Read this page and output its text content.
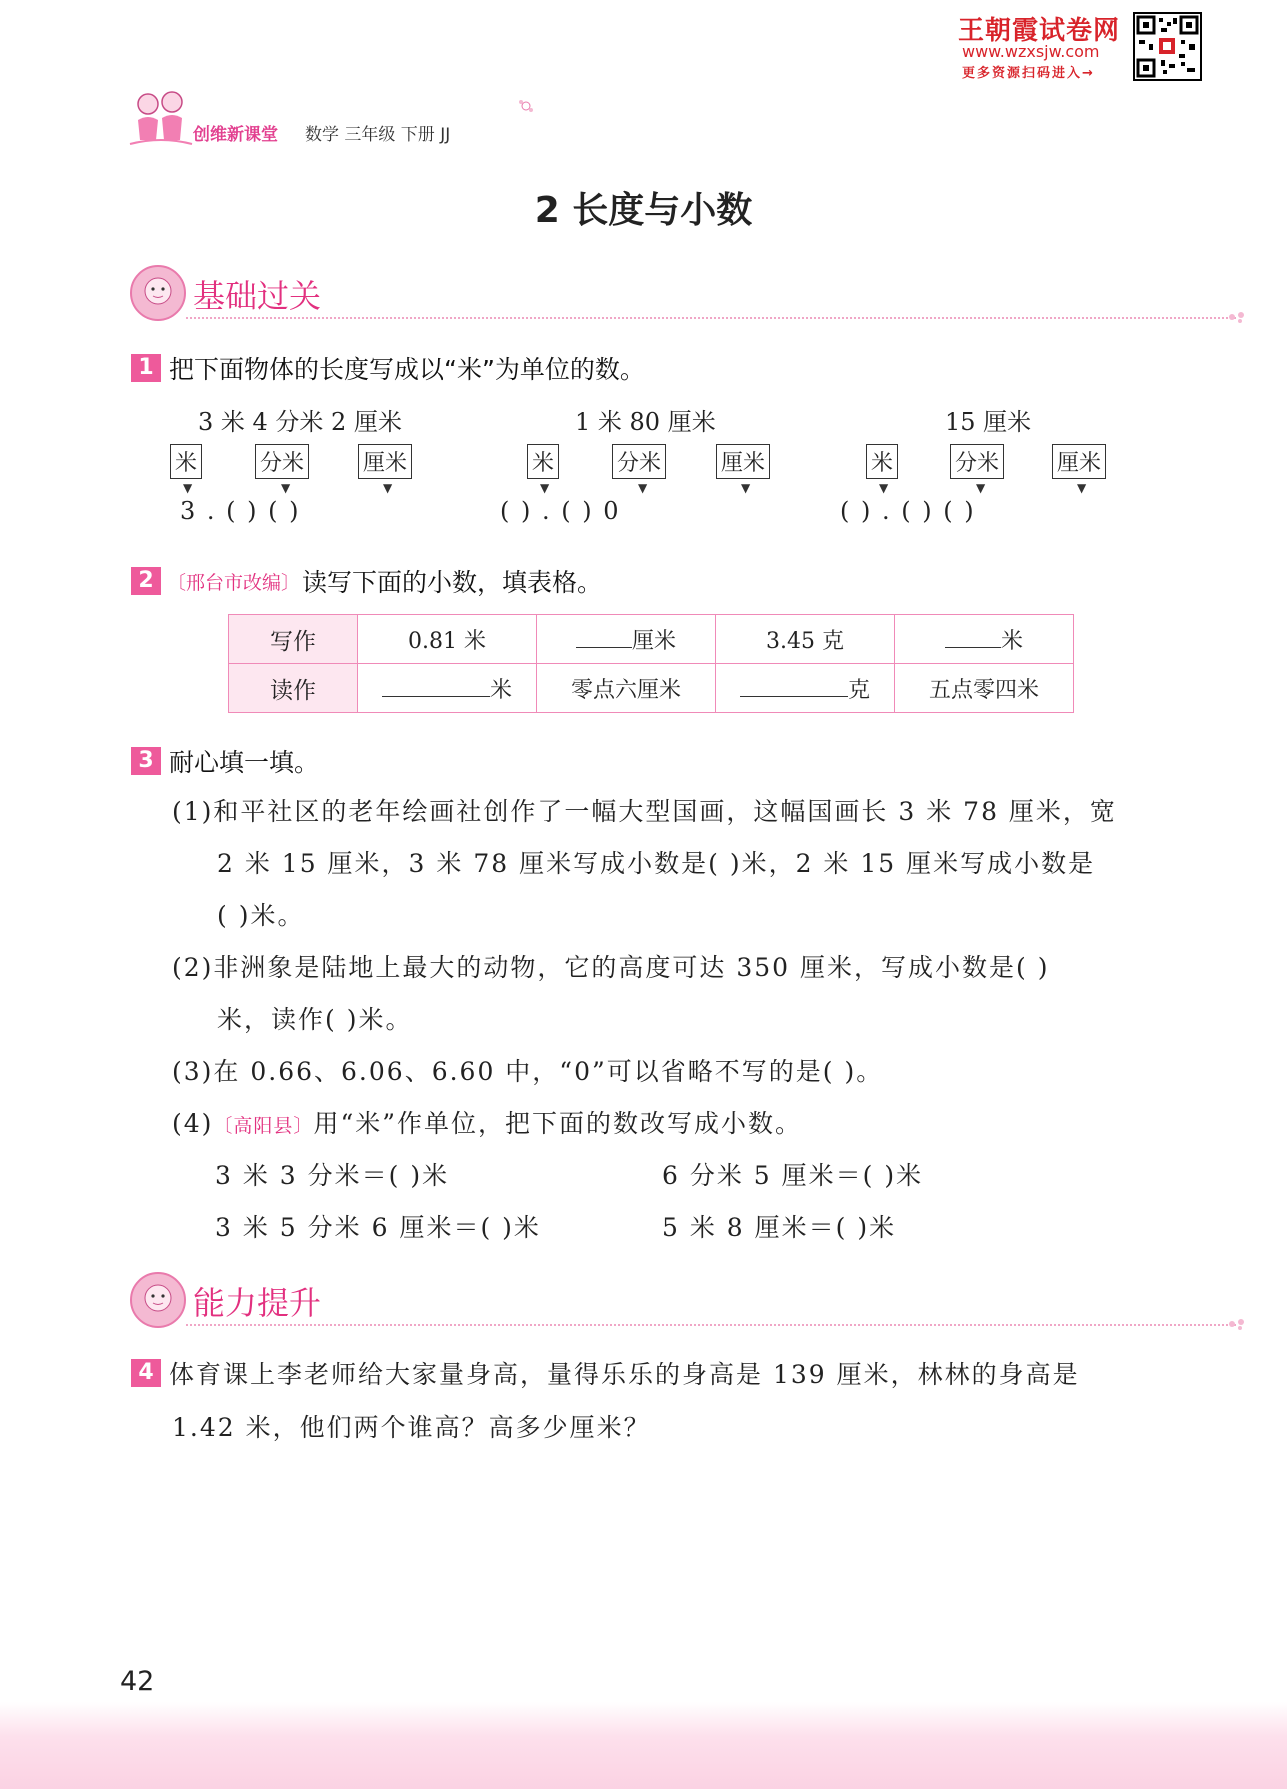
王朝霞试卷网
www.wzxsjw.com
更多资源扫码进入→
创维新课堂 数学 三年级 下册 JJ
2 长度与小数
基础过关
1 把下面物体的长度写成以“米”为单位的数。
3 米 4 分米 2 厘米
米	分米	厘米
▼	▼	▼
3 . ( ) ( )
1 米 80 厘米
米	分米	厘米
▼	▼	▼
( ) . ( ) 0
15 厘米
米	分米	厘米
▼	▼	▼
( ) . ( ) ( )
2 〔邢台市改编〕读写下面的小数，填表格。
写作	0.81 米	厘米	3.45 克	米
读作	米	零点六厘米	克	五点零四米
3 耐心填一填。
(1)和平社区的老年绘画社创作了一幅大型国画，这幅国画长 3 米 78 厘米，宽
2 米 15 厘米，3 米 78 厘米写成小数是( )米，2 米 15 厘米写成小数是
( )米。
(2)非洲象是陆地上最大的动物，它的高度可达 350 厘米，写成小数是( )
米，读作( )米。
(3)在 0.66、6.06、6.60 中，“0”可以省略不写的是( )。
(4)〔高阳县〕用“米”作单位，把下面的数改写成小数。
3 米 3 分米＝( )米	6 分米 5 厘米＝( )米
3 米 5 分米 6 厘米＝( )米	5 米 8 厘米＝( )米
能力提升
4 体育课上李老师给大家量身高，量得乐乐的身高是 139 厘米，林林的身高是
1.42 米，他们两个谁高？高多少厘米？
42
